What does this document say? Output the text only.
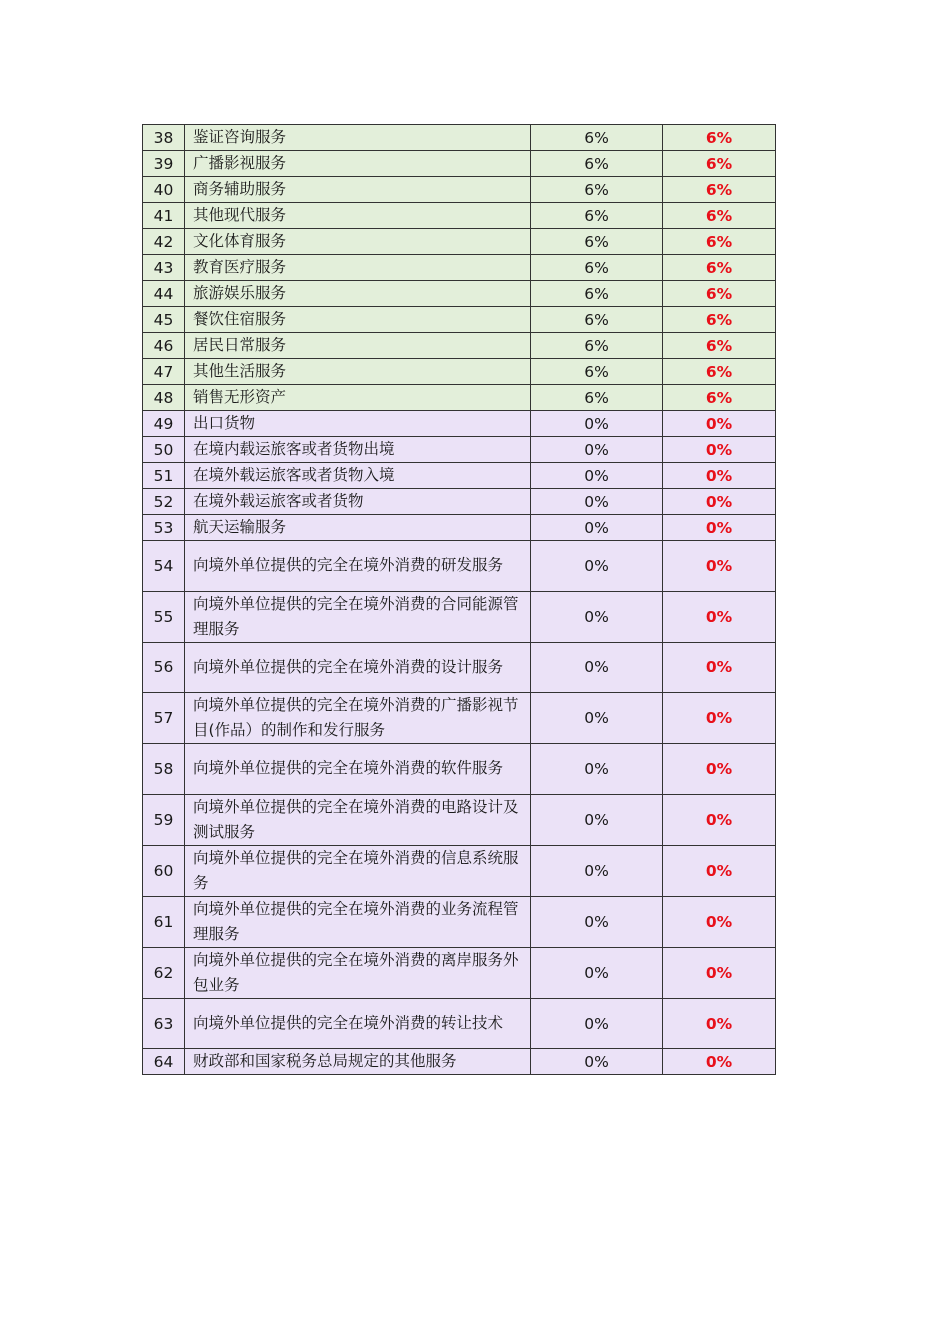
38	鉴证咨询服务	6%	6%
39	广播影视服务	6%	6%
40	商务辅助服务	6%	6%
41	其他现代服务	6%	6%
42	文化体育服务	6%	6%
43	教育医疗服务	6%	6%
44	旅游娱乐服务	6%	6%
45	餐饮住宿服务	6%	6%
46	居民日常服务	6%	6%
47	其他生活服务	6%	6%
48	销售无形资产	6%	6%
49	出口货物	0%	0%
50	在境内载运旅客或者货物出境	0%	0%
51	在境外载运旅客或者货物入境	0%	0%
52	在境外载运旅客或者货物	0%	0%
53	航天运输服务	0%	0%
54	向境外单位提供的完全在境外消费的研发服务	0%	0%
55	向境外单位提供的完全在境外消费的合同能源管理服务	0%	0%
56	向境外单位提供的完全在境外消费的设计服务	0%	0%
57	向境外单位提供的完全在境外消费的广播影视节目(作品）的制作和发行服务	0%	0%
58	向境外单位提供的完全在境外消费的软件服务	0%	0%
59	向境外单位提供的完全在境外消费的电路设计及测试服务	0%	0%
60	向境外单位提供的完全在境外消费的信息系统服务	0%	0%
61	向境外单位提供的完全在境外消费的业务流程管理服务	0%	0%
62	向境外单位提供的完全在境外消费的离岸服务外包业务	0%	0%
63	向境外单位提供的完全在境外消费的转让技术	0%	0%
64	财政部和国家税务总局规定的其他服务	0%	0%
